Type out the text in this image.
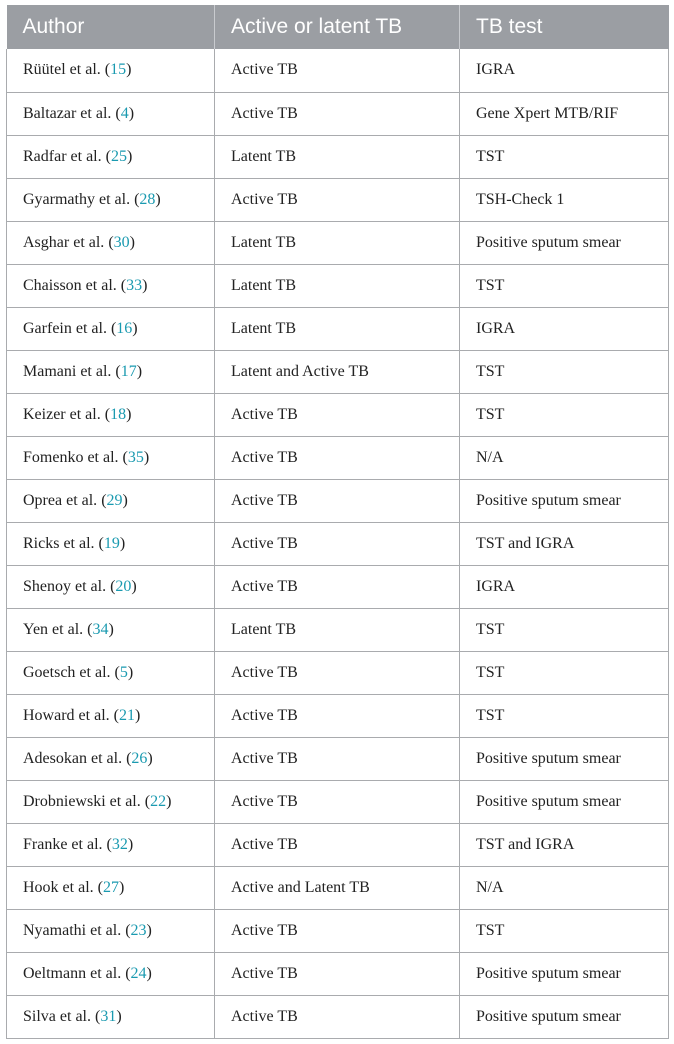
Author	Active or latent TB	TB test
Rüütel et al. (15)	Active TB	IGRA
Baltazar et al. (4)	Active TB	Gene Xpert MTB/RIF
Radfar et al. (25)	Latent TB	TST
Gyarmathy et al. (28)	Active TB	TSH-Check 1
Asghar et al. (30)	Latent TB	Positive sputum smear
Chaisson et al. (33)	Latent TB	TST
Garfein et al. (16)	Latent TB	IGRA
Mamani et al. (17)	Latent and Active TB	TST
Keizer et al. (18)	Active TB	TST
Fomenko et al. (35)	Active TB	N/A
Oprea et al. (29)	Active TB	Positive sputum smear
Ricks et al. (19)	Active TB	TST and IGRA
Shenoy et al. (20)	Active TB	IGRA
Yen et al. (34)	Latent TB	TST
Goetsch et al. (5)	Active TB	TST
Howard et al. (21)	Active TB	TST
Adesokan et al. (26)	Active TB	Positive sputum smear
Drobniewski et al. (22)	Active TB	Positive sputum smear
Franke et al. (32)	Active TB	TST and IGRA
Hook et al. (27)	Active and Latent TB	N/A
Nyamathi et al. (23)	Active TB	TST
Oeltmann et al. (24)	Active TB	Positive sputum smear
Silva et al. (31)	Active TB	Positive sputum smear
